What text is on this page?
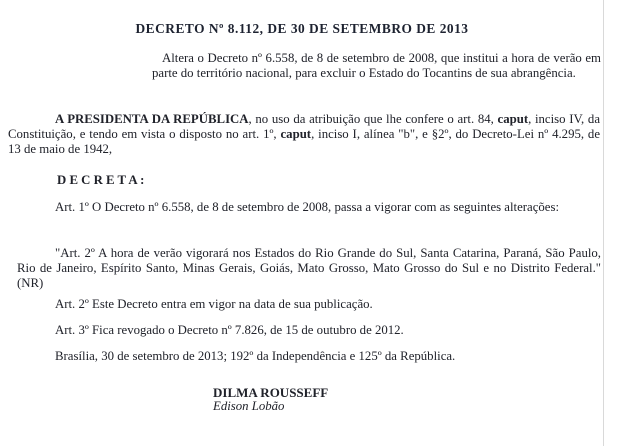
DECRETO Nº 8.112, DE 30 DE SETEMBRO DE 2013

Altera o Decreto nº 6.558, de 8 de setembro de 2008, que institui a hora de verão em parte do território nacional, para excluir o Estado do Tocantins de sua abrangência.

A PRESIDENTA DA REPÚBLICA, no uso da atribuição que lhe confere o art. 84, caput, inciso IV, da Constituição, e tendo em vista o disposto no art. 1º, caput, inciso I, alínea "b", e §2º, do Decreto-Lei nº 4.295, de 13 de maio de 1942,

D E C R E T A :

Art. 1º O Decreto nº 6.558, de 8 de setembro de 2008, passa a vigorar com as seguintes alterações:

"Art. 2º A hora de verão vigorará nos Estados do Rio Grande do Sul, Santa Catarina, Paraná, São Paulo, Rio de Janeiro, Espírito Santo, Minas Gerais, Goiás, Mato Grosso, Mato Grosso do Sul e no Distrito Federal." (NR)

Art. 2º Este Decreto entra em vigor na data de sua publicação.

Art. 3º Fica revogado o Decreto nº 7.826, de 15 de outubro de 2012.

Brasília, 30 de setembro de 2013; 192º da Independência e 125º da República.

DILMA ROUSSEFF
Edison Lobão
